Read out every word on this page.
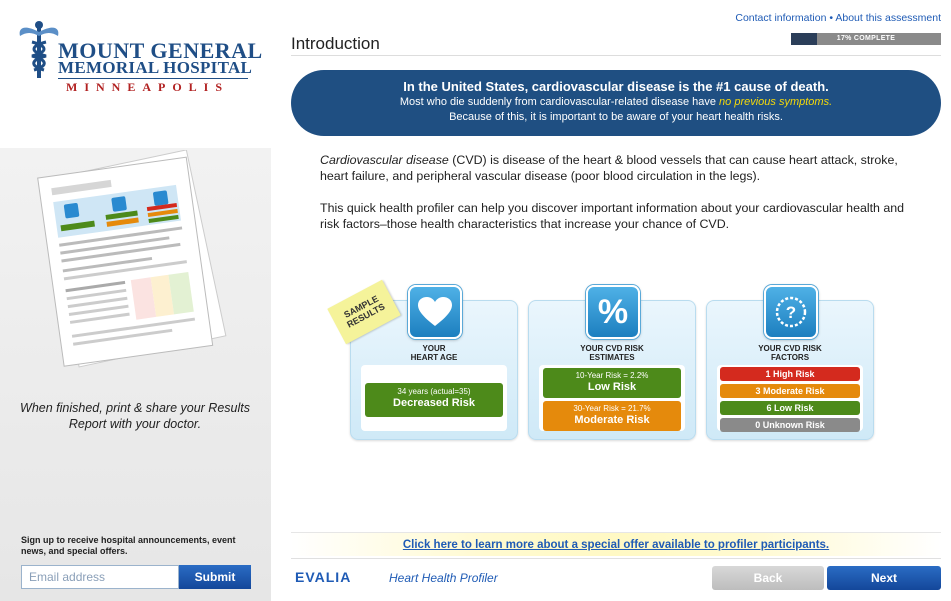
MOUNT GENERAL
MEMORIAL HOSPITAL
MINNEAPOLIS
When finished, print & share your Results Report with your doctor.
Sign up to receive hospital announcements, event news, and special offers.
Email address
Submit
Contact information • About this assessment
Introduction	17% COMPLETE
In the United States, cardiovascular disease is the #1 cause of death.
Most who die suddenly from cardiovascular-related disease have no previous symptoms.
Because of this, it is important to be aware of your heart health risks.

Cardiovascular disease (CVD) is disease of the heart & blood vessels that can cause heart attack, stroke, heart failure, and peripheral vascular disease (poor blood circulation in the legs).

This quick health profiler can help you discover important information about your cardiovascular health and risk factors–those health characteristics that increase your chance of CVD.

YOUR HEART AGE
34 years (actual=35)
Decreased Risk
%
YOUR CVD RISK ESTIMATES
10-Year Risk = 2.2%
Low Risk
30-Year Risk = 21.7%
Moderate Risk
?
YOUR CVD RISK FACTORS
1 High Risk
3 Moderate Risk
6 Low Risk
0 Unknown Risk
SAMPLE RESULTS
Click here to learn more about a special offer available to profiler participants.
EVALIA	Heart Health Profiler	Back	Next
